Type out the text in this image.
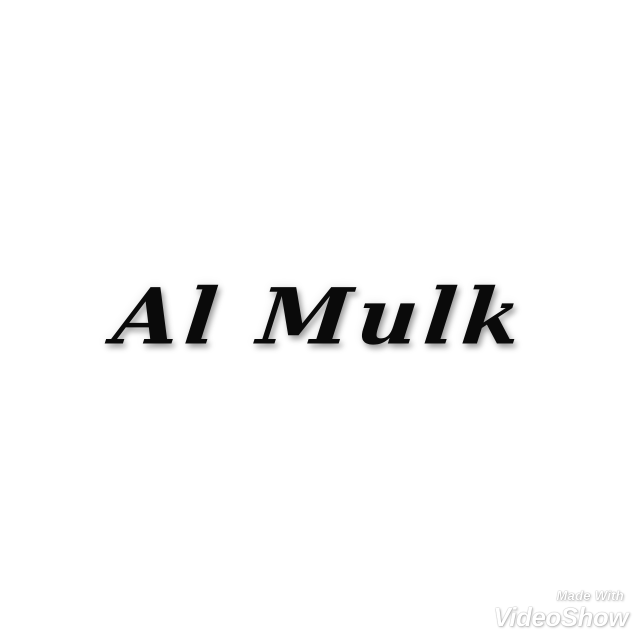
Al Mulk
Made With
VideoShow
